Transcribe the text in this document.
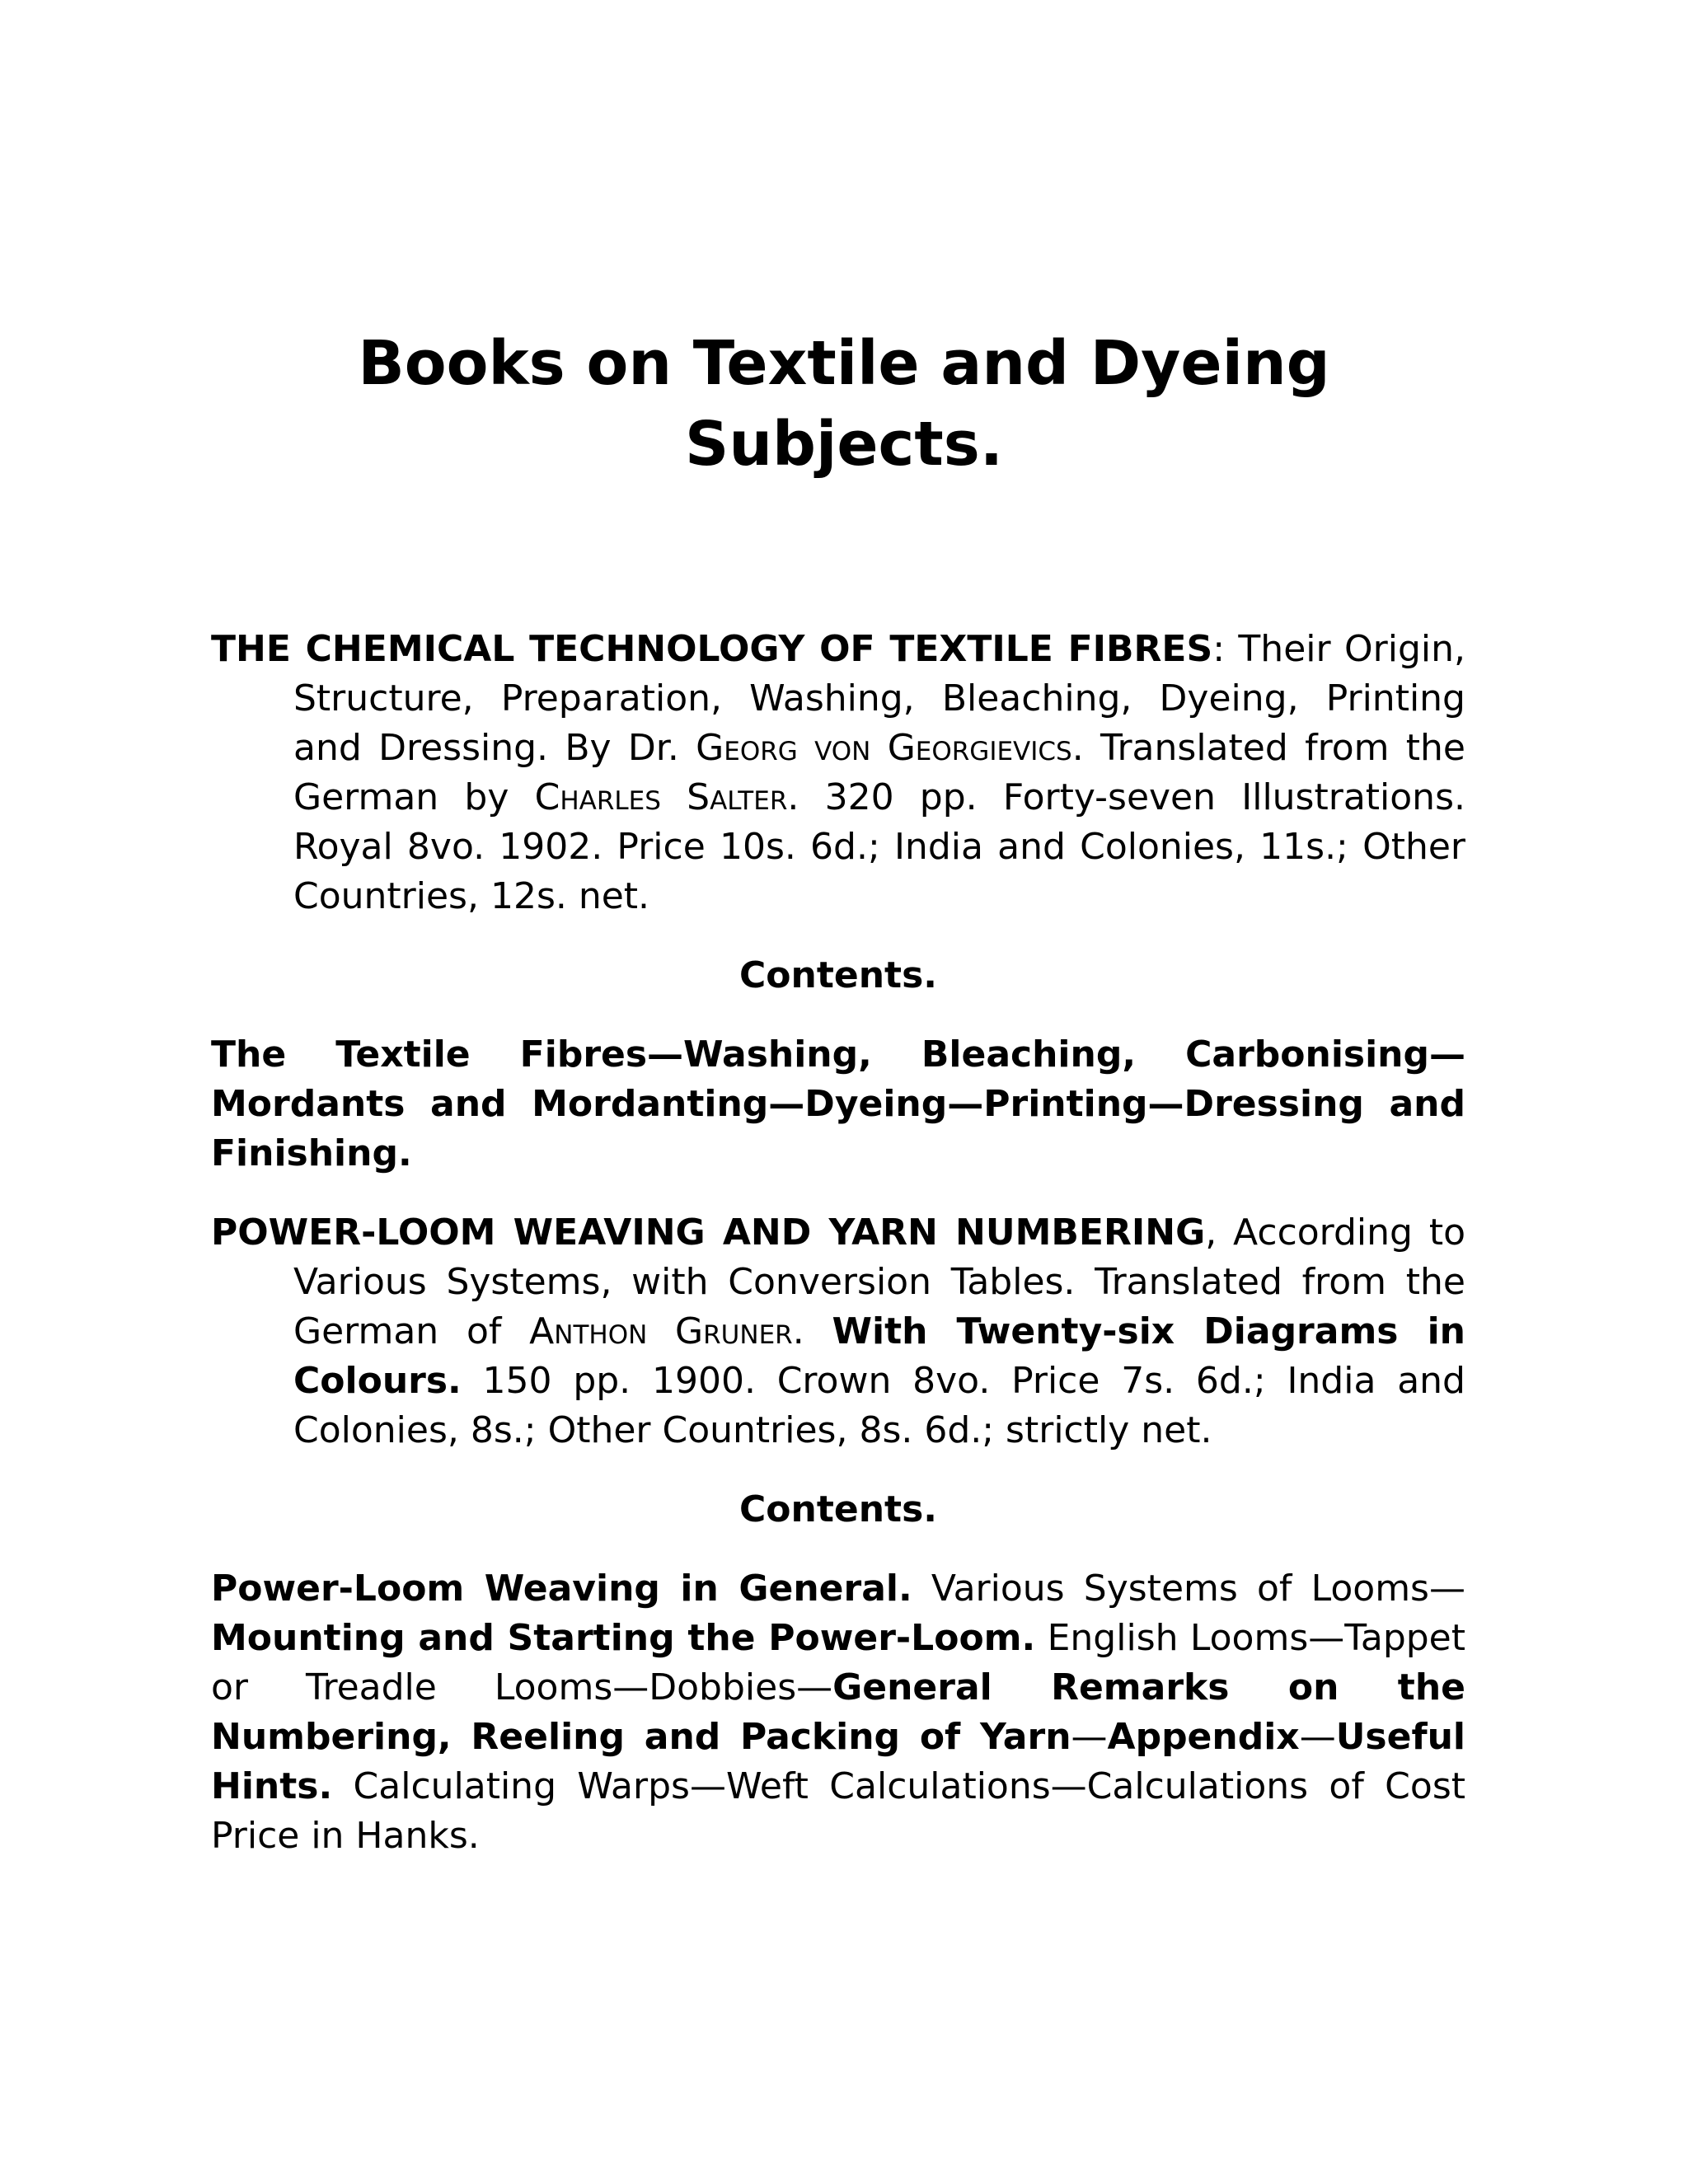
Books on Textile and Dyeing
Subjects.

THE CHEMICAL TECHNOLOGY OF TEXTILE FIBRES: Their Origin, Structure, Preparation, Washing, Bleaching, Dyeing, Printing and Dressing. By Dr. Georg von Georgievics. Translated from the German by Charles Salter. 320 pp. Forty-seven Illustrations. Royal 8vo. 1902. Price 10s. 6d.; India and Colonies, 11s.; Other Countries, 12s. net.

Contents.

The Textile Fibres—Washing, Bleaching, Carbonising—Mordants and Mordanting—Dyeing—Printing—Dressing and Finishing.

POWER-LOOM WEAVING AND YARN NUMBERING, According to Various Systems, with Conversion Tables. Translated from the German of Anthon Gruner. With Twenty-six Diagrams in Colours. 150 pp. 1900. Crown 8vo. Price 7s. 6d.; India and Colonies, 8s.; Other Countries, 8s. 6d.; strictly net.

Contents.

Power-Loom Weaving in General. Various Systems of Looms—Mounting and Starting the Power-Loom. English Looms—Tappet or Treadle Looms—Dobbies—General Remarks on the Numbering, Reeling and Packing of Yarn—Appendix—Useful Hints. Calculating Warps—Weft Calculations—Calculations of Cost Price in Hanks.
